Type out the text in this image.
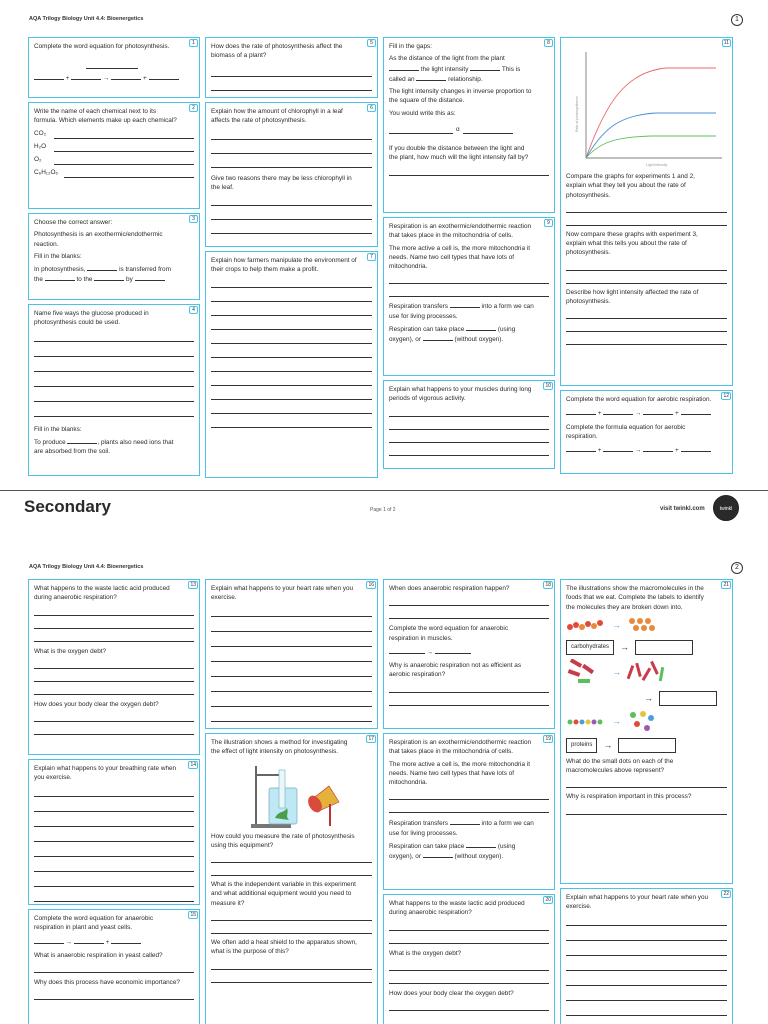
AQA Trilogy Biology Unit 4.4: Bioenergetics	1
1

Complete the word equation for photosynthesis.

+	→	+
2

Write the name of each chemical next to its formula. Which elements make up each chemical?

CO₂
H₂O
O₂
C₆H₁₂O₆
3

Choose the correct answer:

Photosynthesis is an exothermic/endothermic reaction.

Fill in the blanks:

In photosynthesis,	is transferred from the	to the	by

4

Name five ways the glucose produced in photosynthesis could be used.

Fill in the blanks:

To produce	, plants also need ions that are absorbed from the soil.

5

How does the rate of photosynthesis affect the biomass of a plant?

6

Explain how the amount of chlorophyll in a leaf affects the rate of photosynthesis.

Give two reasons there may be less chlorophyll in the leaf.

7

Explain how farmers manipulate the environment of their crops to help them make a profit.

8

Fill in the gaps:

As the distance of the light from the plant  the light intensity	This is called an	relationship.

The light intensity changes in inverse proportion to the square of the distance.

You would write this as:

α

If you double the distance between the light and the plant, how much will the light intensity fall by?

9

Respiration is an exothermic/endothermic reaction that takes place in the mitochondria of cells.

The more active a cell is, the more mitochondria it needs. Name two cell types that have lots of mitochondria.

Respiration transfers	into a form we can use for living processes.

Respiration can take place	(using oxygen), or	(without oxygen).

10

Explain what happens to your muscles during long periods of vigorous activity.

11
Light intensity
Rate of photosynthesis

Compare the graphs for experiments 1 and 2, explain what they tell you about the rate of photosynthesis.

Now compare these graphs with experiment 3, explain what this tells you about the rate of photosynthesis.

Describe how light intensity affected the rate of photosynthesis.

12

Complete the word equation for aerobic respiration.

+	→	+

Complete the formula equation for aerobic respiration.

+	→	+
Secondary	Page 1 of 2	visit twinkl.com	twinkl
AQA Trilogy Biology Unit 4.4: Bioenergetics	2
13

What happens to the waste lactic acid produced during anaerobic respiration?

What is the oxygen debt?

How does your body clear the oxygen debt?

14

Explain what happens to your breathing rate when you exercise.

15

Complete the word equation for anaerobic respiration in plant and yeast cells.

→	+

What is anaerobic respiration in yeast called?

Why does this process have economic importance?

16

Explain what happens to your heart rate when you exercise.

17

The illustration shows a method for investigating the effect of light intensity on photosynthesis.

How could you measure the rate of photosynthesis using this equipment?

What is the independent variable in this experiment and what additional equipment would you need to measure it?

We often add a heat shield to the apparatus shown, what is the purpose of this?

18

When does anaerobic respiration happen?

Complete the word equation for anaerobic respiration in muscles.

→

Why is anaerobic respiration not as efficient as aerobic respiration?

19

Respiration is an exothermic/endothermic reaction that takes place in the mitochondria of cells.

The more active a cell is, the more mitochondria it needs. Name two cell types that have lots of mitochondria.

Respiration transfers	into a form we can use for living processes.

Respiration can take place	(using oxygen), or	(without oxygen).

20

What happens to the waste lactic acid produced during anaerobic respiration?

What is the oxygen debt?

How does your body clear the oxygen debt?

21

The illustrations show the macromolecules in the foods that we eat. Complete the labels to identify the molecules they are broken down into.

→
carbohydrates	→
→
→
→
proteins	→

What do the small dots on each of the macromolecules above represent?

Why is respiration important in this process?

22

Explain what happens to your heart rate when you exercise.
